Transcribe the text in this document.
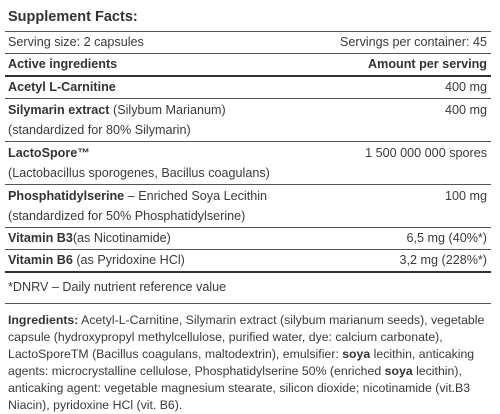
Supplement Facts:
Serving size: 2 capsules	Servings per container: 45
Active ingredients	Amount per serving
Acetyl L-Carnitine	400 mg
Silymarin extract (Silybum Marianum)	400 mg
(standardized for 80% Silymarin)
LactoSpore™	1 500 000 000 spores
(Lactobacillus sporogenes, Bacillus coagulans)
Phosphatidylserine – Enriched Soya Lecithin	100 mg
(standardized for 50% Phosphatidylserine)
Vitamin B3(as Nicotinamide)	6,5 mg (40%*)
Vitamin B6 (as Pyridoxine HCl)	3,2 mg (228%*)
*DNRV – Daily nutrient reference value
Ingredients: Acetyl-L-Carnitine, Silymarin extract (silybum marianum seeds), vegetable capsule (hydroxypropyl methylcellulose, purified water, dye: calcium carbonate), LactoSporeTM (Bacillus coagulans, maltodextrin), emulsifier: soya lecithin, anticaking agents: microcrystalline cellulose, Phosphatidylserine 50% (enriched soya lecithin), anticaking agent: vegetable magnesium stearate, silicon dioxide; nicotinamide (vit.B3 Niacin), pyridoxine HCl (vit. B6).
